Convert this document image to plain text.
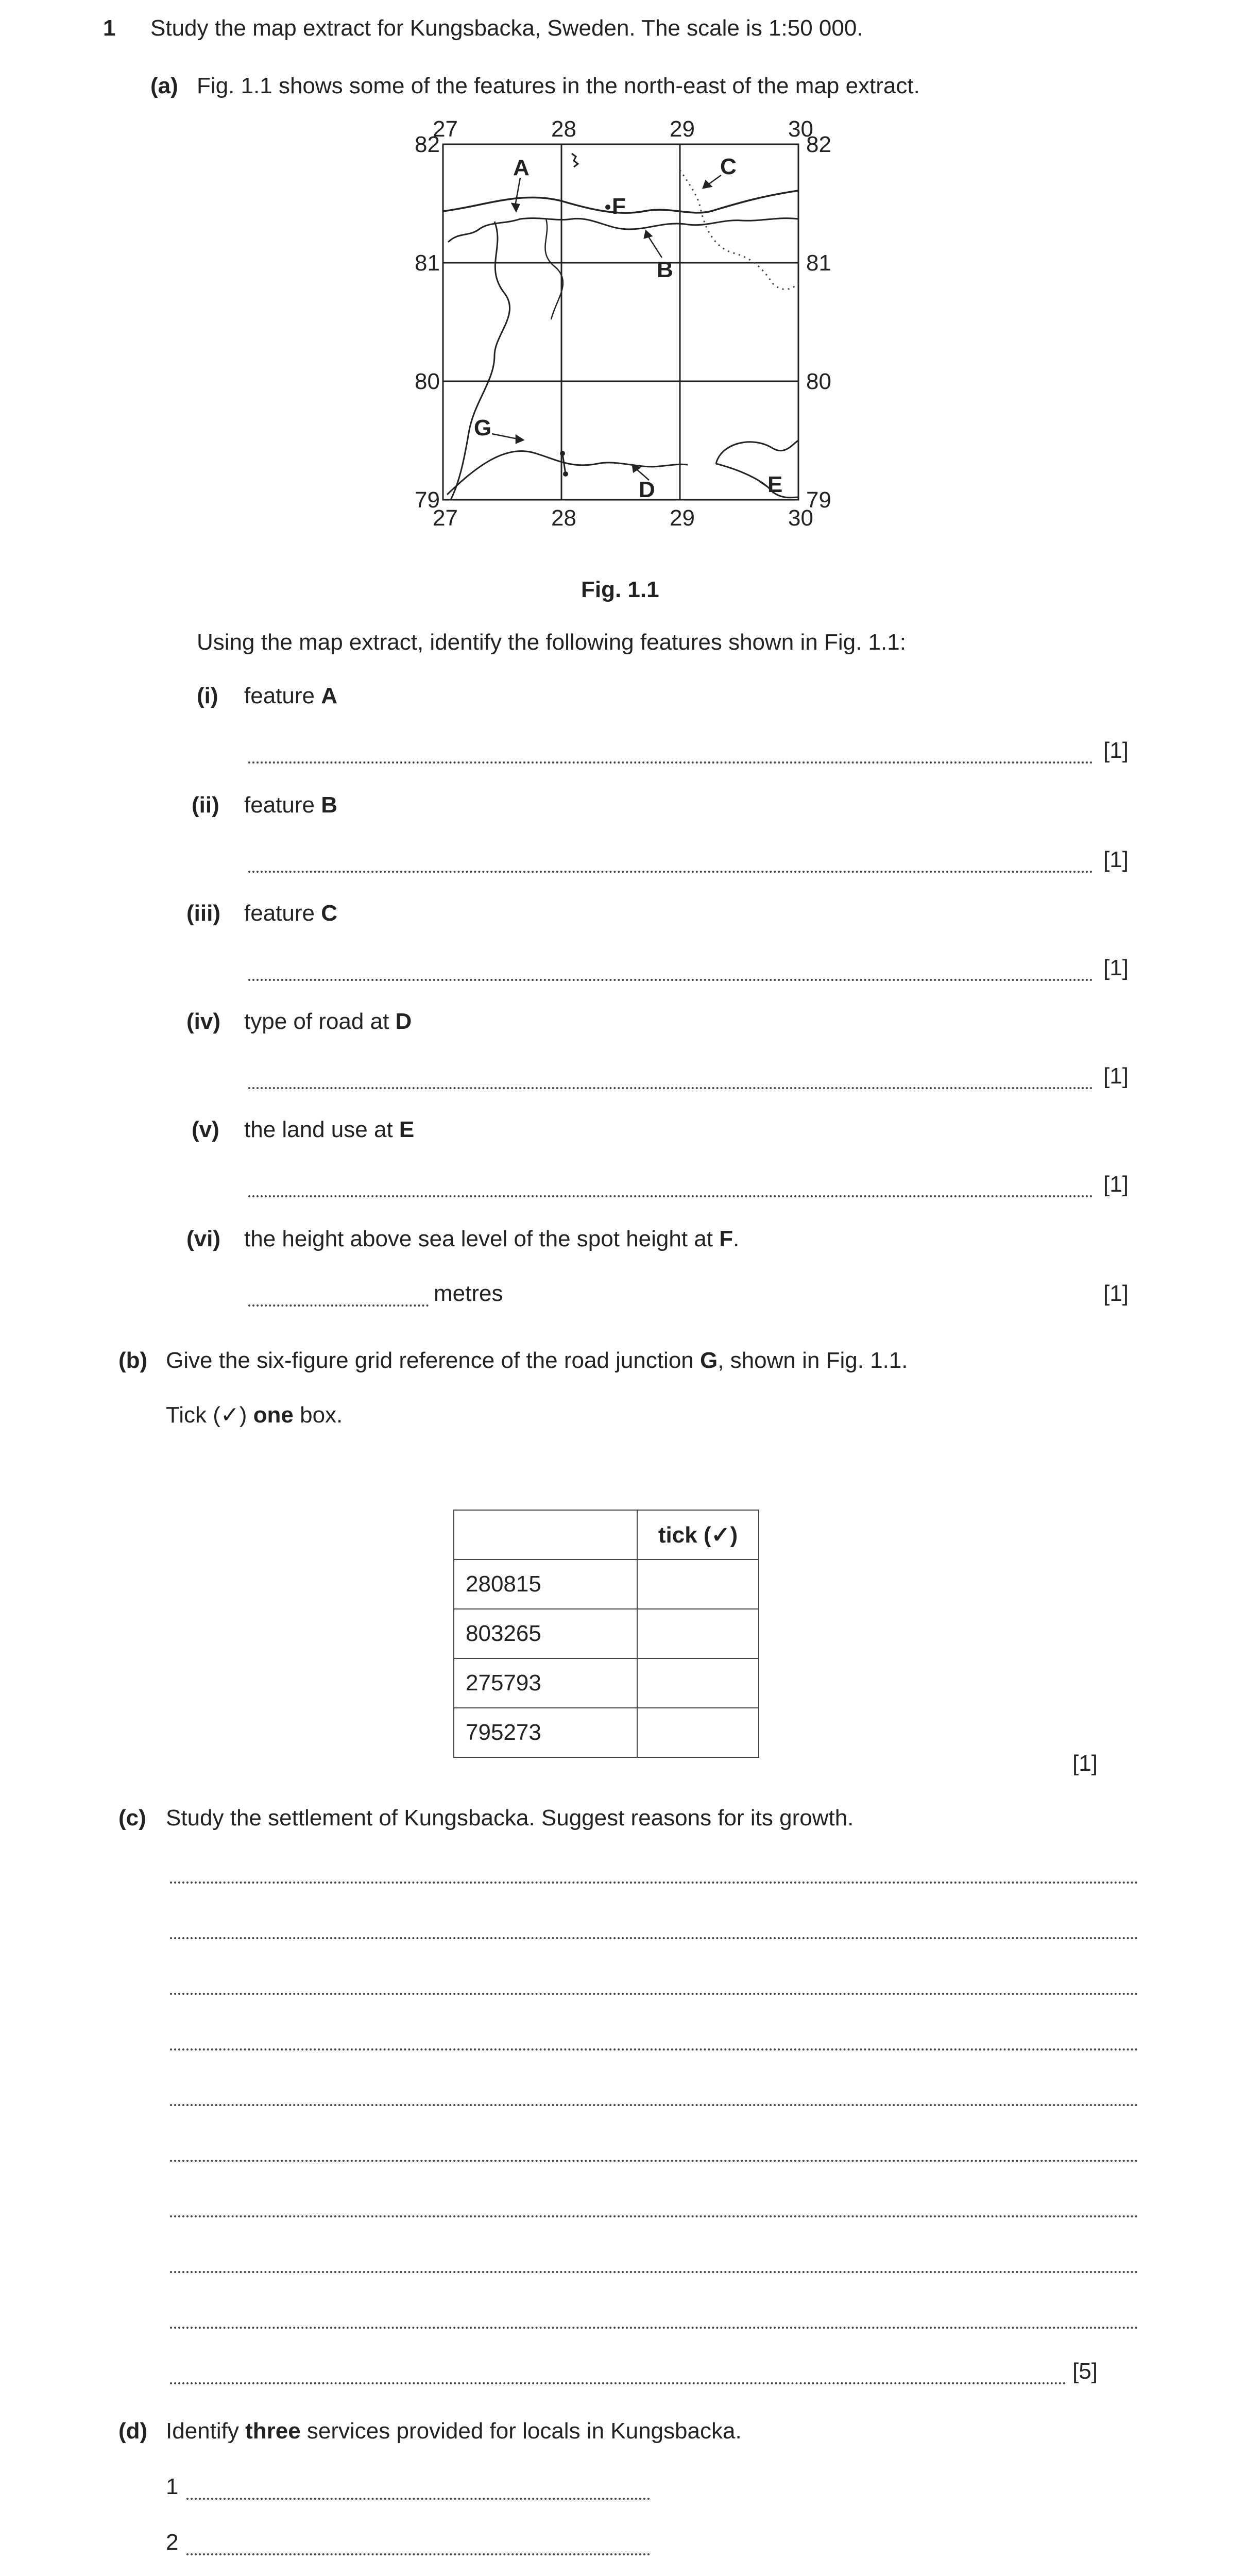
1 Study the map extract for Kungsbacka, Sweden. The scale is 1:50 000.
(a) Fig. 1.1 shows some of the features in the north-east of the map extract.
27	28	29	30
27	28	29	30
82
81
80
79
82
81
80
79
A
B
C
D	E
F
G
Fig. 1.1
Using the map extract, identify the following features shown in Fig. 1.1:
(i) feature A
[1]
(ii) feature B
[1]
(iii) feature C
[1]
(iv) type of road at D
[1]
(v) the land use at E
[1]
(vi) the height above sea level of the spot height at F.
metres	[1]
(b) Give the six-figure grid reference of the road junction G, shown in Fig. 1.1.
Tick (✓) one box.
	tick (✓)
280815	
803265	
275793	
795273	
[1]
(c) Study the settlement of Kungsbacka. Suggest reasons for its growth.
[5]
(d) Identify three services provided for locals in Kungsbacka.
1
2
